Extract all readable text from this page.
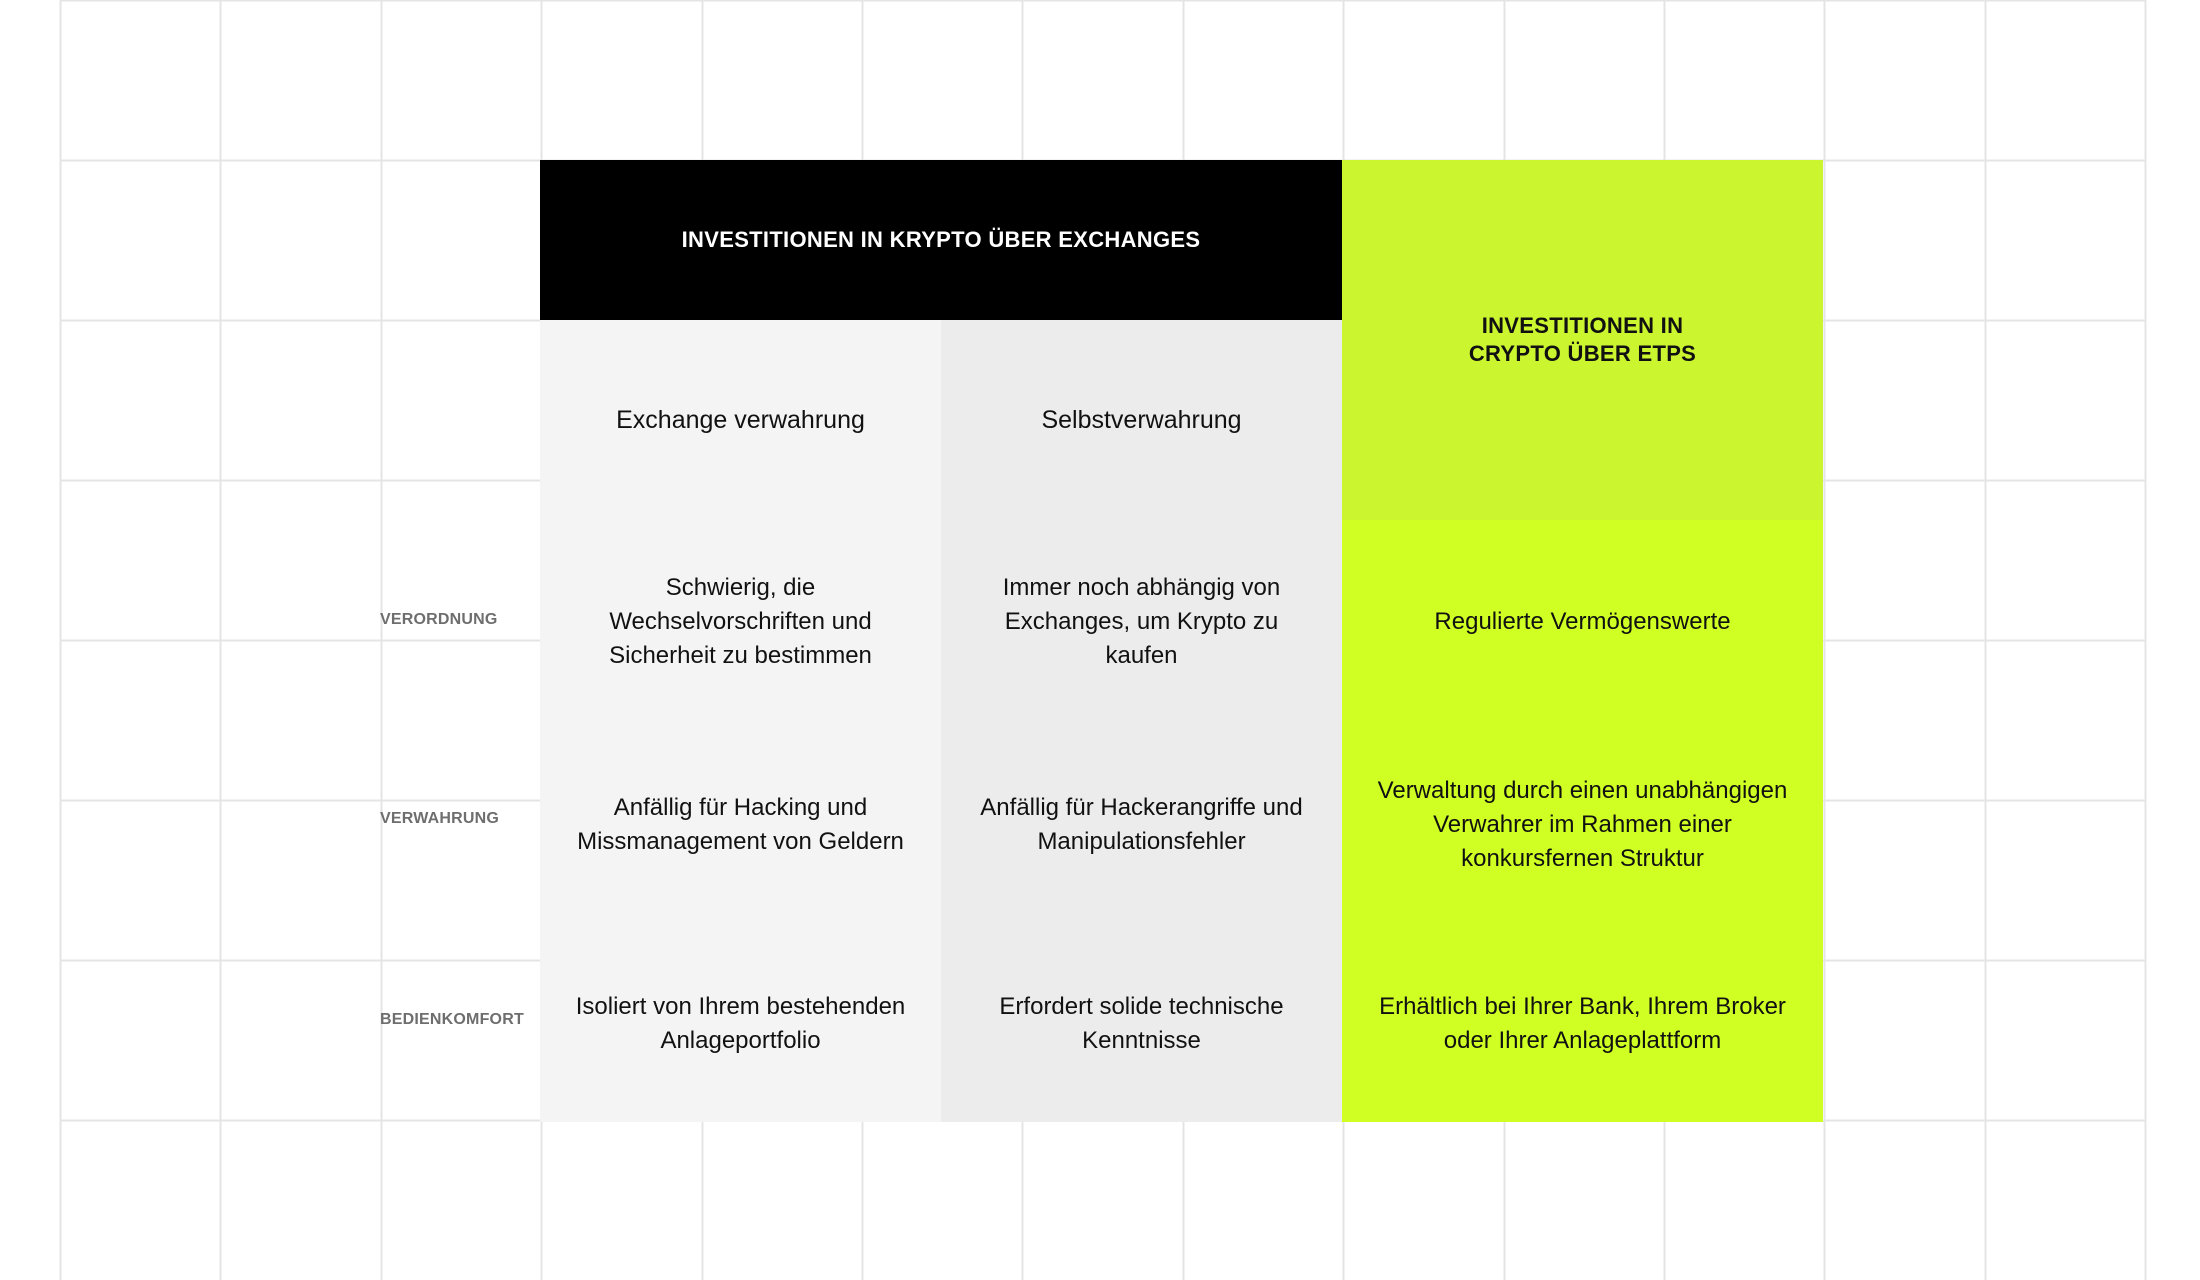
INVESTITIONEN IN KRYPTO ÜBER EXCHANGES
INVESTITIONEN IN
CRYPTO ÜBER ETPS
Exchange verwahrung	Selbstverwahrung
VERORDNUNG
VERWAHRUNG
BEDIENKOMFORT
Schwierig, die Wechselvorschriften und Sicherheit zu bestimmen
Immer noch abhängig von Exchanges, um Krypto zu kaufen
Regulierte Vermögenswerte
Anfällig für Hacking und Missmanagement von Geldern
Anfällig für Hackerangriffe und Manipulationsfehler
Verwaltung durch einen unabhängigen Verwahrer im Rahmen einer konkursfernen Struktur
Isoliert von Ihrem bestehenden Anlageportfolio
Erfordert solide technische Kenntnisse
Erhältlich bei Ihrer Bank, Ihrem Broker oder Ihrer Anlageplattform
